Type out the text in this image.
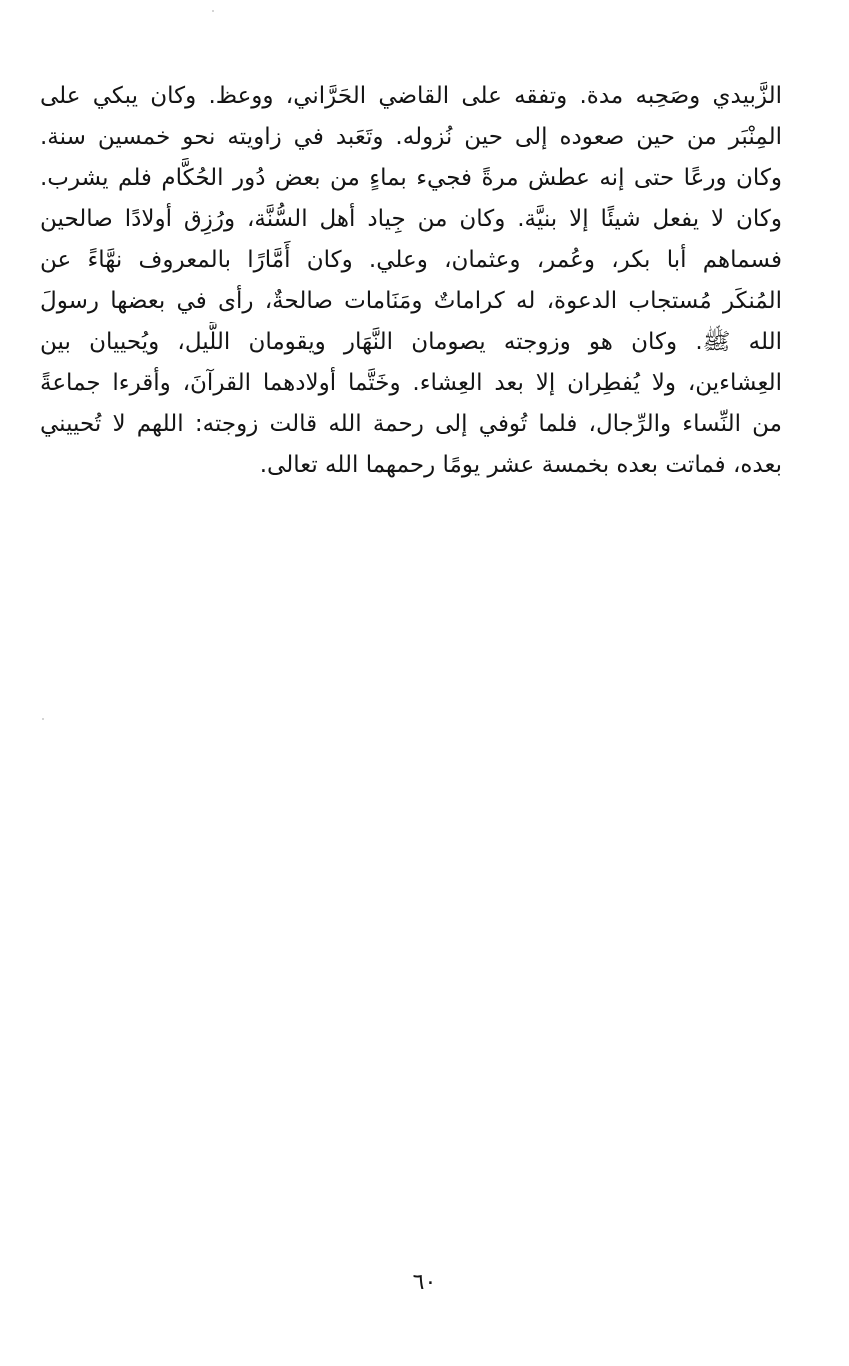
الزَّبيدي وصَحِبه مدة. وتفقه على القاضي الحَرَّاني، ووعظ. وكان يبكي على
المِنْبَر من حين صعوده إلى حين نُزوله. وتَعَبد في زاويته نحو خمسين سنة.
وكان ورعًا حتى إنه عطش مرةً فجيء بماءٍ من بعض دُور الحُكَّام فلم يشرب.
وكان لا يفعل شيئًا إلا بنيَّة. وكان من جِياد أهل السُّنَّة، ورُزِق أولادًا صالحين
فسماهم أبا بكر، وعُمر، وعثمان، وعلي. وكان أَمَّارًا بالمعروف نهَّاءً عن
المُنكَر مُستجاب الدعوة، له كراماتٌ ومَنَامات صالحةٌ، رأى في بعضها رسولَ
الله ﷺ. وكان هو وزوجته يصومان النَّهَار ويقومان اللَّيل، ويُحييان بين
العِشاءين، ولا يُفطِران إلا بعد العِشاء. وخَتَّما أولادهما القرآنَ، وأقرءا جماعةً
من النِّساء والرِّجال، فلما تُوفي إلى رحمة الله قالت زوجته: اللهم لا تُحييني
بعده، فماتت بعده بخمسة عشر يومًا رحمهما الله تعالى.
٦٠
